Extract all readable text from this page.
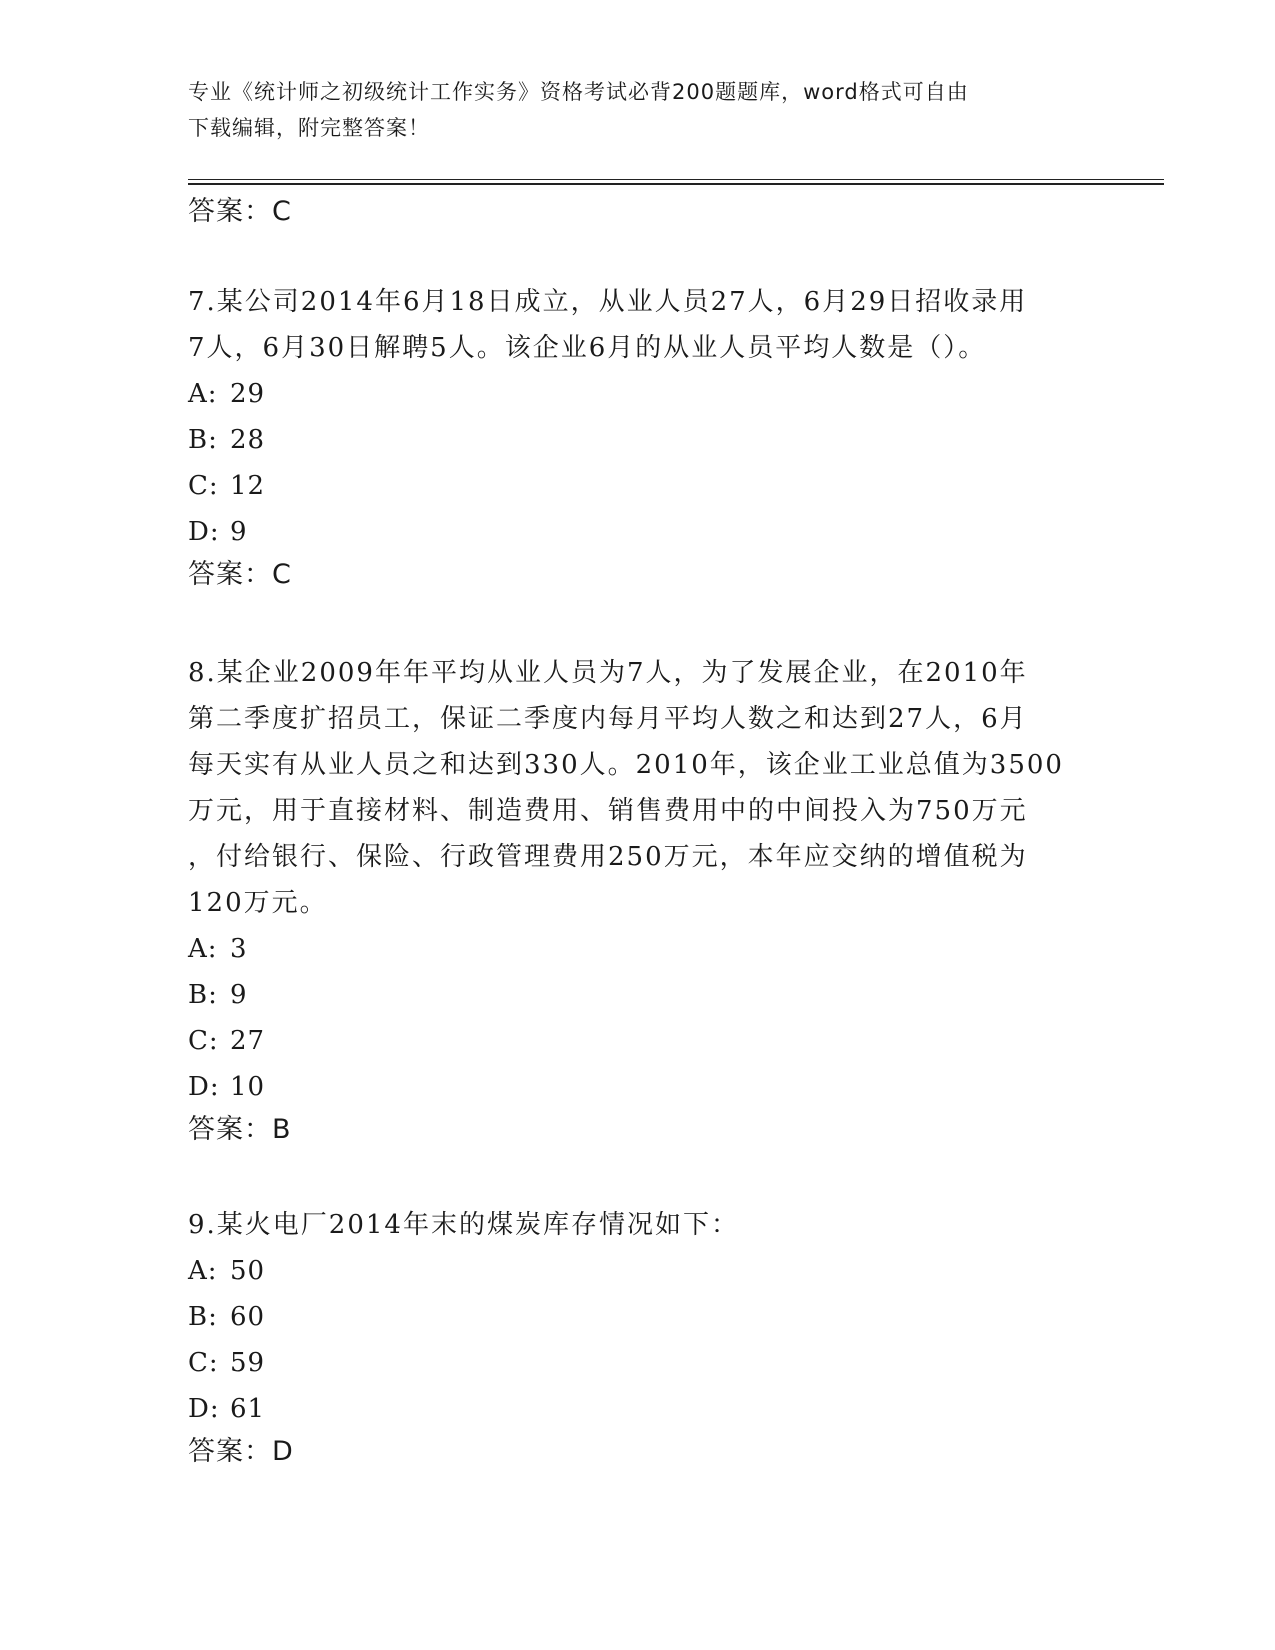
专业《统计师之初级统计工作实务》资格考试必背200题题库，word格式可自由
下载编辑，附完整答案！
答案：C
7.某公司2014年6月18日成立，从业人员27人，6月29日招收录用
7人，6月30日解聘5人。该企业6月的从业人员平均人数是（）。
A: 29
B: 28
C: 12
D: 9
答案：C
8.某企业2009年年平均从业人员为7人，为了发展企业，在2010年
第二季度扩招员工，保证二季度内每月平均人数之和达到27人，6月
每天实有从业人员之和达到330人。2010年，该企业工业总值为3500
万元，用于直接材料、制造费用、销售费用中的中间投入为750万元
，付给银行、保险、行政管理费用250万元，本年应交纳的增值税为
120万元。
A: 3
B: 9
C: 27
D: 10
答案：B
9.某火电厂2014年末的煤炭库存情况如下：
A: 50
B: 60
C: 59
D: 61
答案：D
